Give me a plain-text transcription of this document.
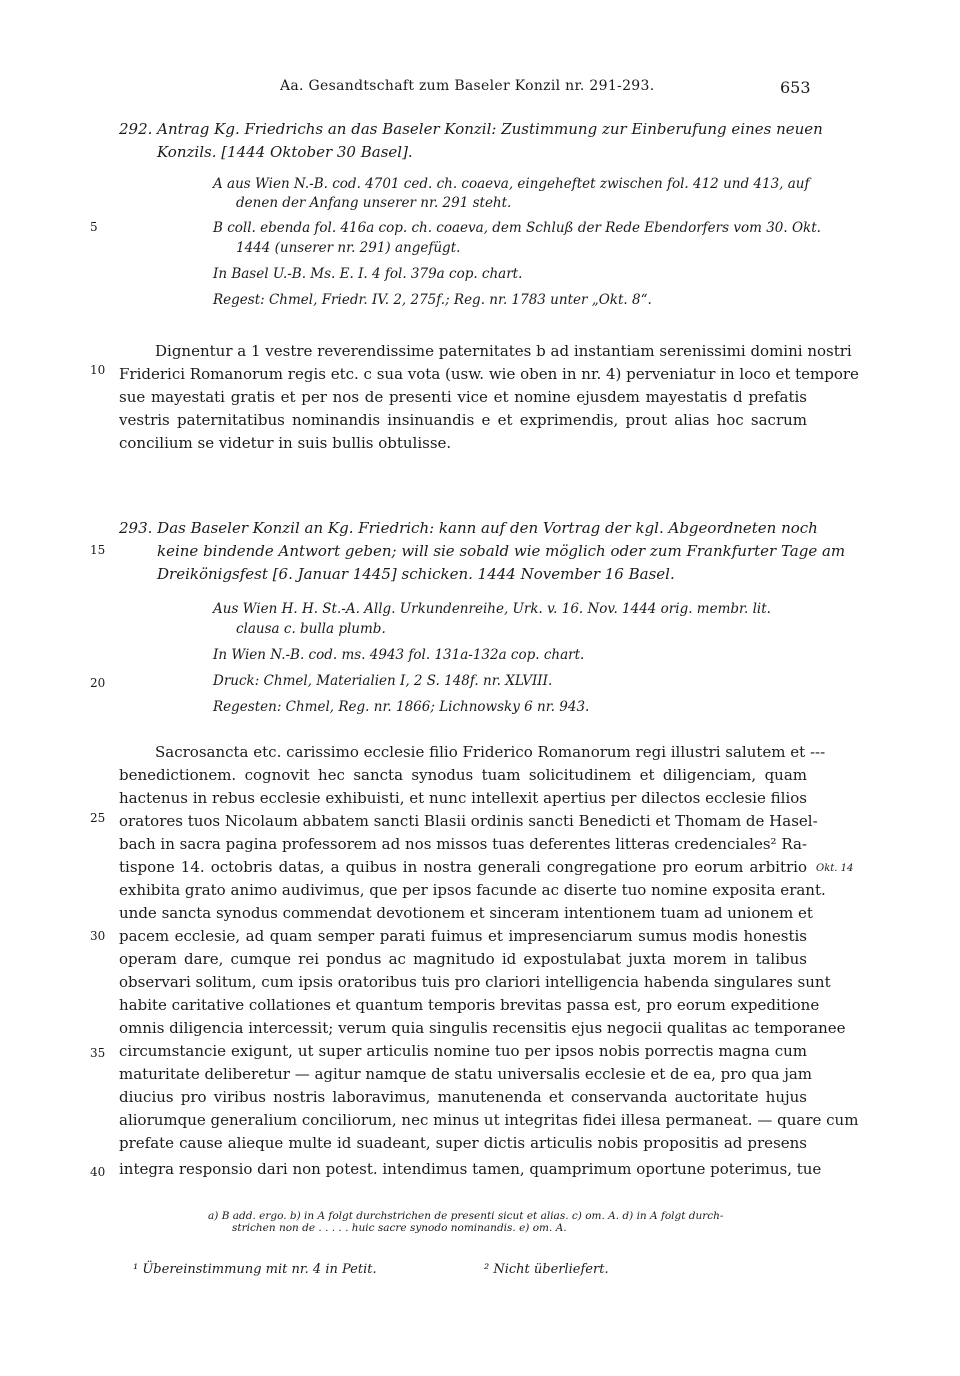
Aa. Gesandtschaft zum Baseler Konzil nr. 291-293.	653
5
10
15
20
25
30
35
40
292. Antrag Kg. Friedrichs an das Baseler Konzil: Zustimmung zur Einberufung eines neuen
Konzils. [1444 Oktober 30 Basel].
A aus Wien N.-B. cod. 4701 ced. ch. coaeva, eingeheftet zwischen fol. 412 und 413, auf
denen der Anfang unserer nr. 291 steht.
B coll. ebenda fol. 416a cop. ch. coaeva, dem Schluß der Rede Ebendorfers vom 30. Okt.
1444 (unserer nr. 291) angefügt.
In Basel U.-B. Ms. E. I. 4 fol. 379a cop. chart.
Regest: Chmel, Friedr. IV. 2, 275f.; Reg. nr. 1783 unter „Okt. 8“.
Dignentur a 1 vestre reverendissime paternitates b ad instantiam serenissimi domini nostri
Friderici Romanorum regis etc. c sua vota (usw. wie oben in nr. 4) perveniatur in loco et tempore
sue mayestati gratis et per nos de presenti vice et nomine ejusdem mayestatis d prefatis
vestris paternitatibus nominandis insinuandis e et exprimendis, prout alias hoc sacrum
concilium se videtur in suis bullis obtulisse.
293. Das Baseler Konzil an Kg. Friedrich: kann auf den Vortrag der kgl. Abgeordneten noch
keine bindende Antwort geben; will sie sobald wie möglich oder zum Frankfurter Tage am
Dreikönigsfest [6. Januar 1445] schicken. 1444 November 16 Basel.
Aus Wien H. H. St.-A. Allg. Urkundenreihe, Urk. v. 16. Nov. 1444 orig. membr. lit.
clausa c. bulla plumb.
In Wien N.-B. cod. ms. 4943 fol. 131a-132a cop. chart.
Druck: Chmel, Materialien I, 2 S. 148f. nr. XLVIII.
Regesten: Chmel, Reg. nr. 1866; Lichnowsky 6 nr. 943.
Sacrosancta etc. carissimo ecclesie filio Friderico Romanorum regi illustri salutem et ---
benedictionem. cognovit hec sancta synodus tuam solicitudinem et diligenciam, quam
hactenus in rebus ecclesie exhibuisti, et nunc intellexit apertius per dilectos ecclesie filios
oratores tuos Nicolaum abbatem sancti Blasii ordinis sancti Benedicti et Thomam de Hasel-
bach in sacra pagina professorem ad nos missos tuas deferentes litteras credenciales² Ra-
tispone 14. octobris datas, a quibus in nostra generali congregatione pro eorum arbitrio
exhibita grato animo audivimus, que per ipsos facunde ac diserte tuo nomine exposita erant.
unde sancta synodus commendat devotionem et sinceram intentionem tuam ad unionem et
pacem ecclesie, ad quam semper parati fuimus et impresenciarum sumus modis honestis
operam dare, cumque rei pondus ac magnitudo id expostulabat juxta morem in talibus
observari solitum, cum ipsis oratoribus tuis pro clariori intelligencia habenda singulares sunt
habite caritative collationes et quantum temporis brevitas passa est, pro eorum expeditione
omnis diligencia intercessit; verum quia singulis recensitis ejus negocii qualitas ac temporanee
circumstancie exigunt, ut super articulis nomine tuo per ipsos nobis porrectis magna cum
maturitate deliberetur — agitur namque de statu universalis ecclesie et de ea, pro qua jam
diucius pro viribus nostris laboravimus, manutenenda et conservanda auctoritate hujus
aliorumque generalium conciliorum, nec minus ut integritas fidei illesa permaneat. — quare cum
prefate cause alieque multe id suadeant, super dictis articulis nobis propositis ad presens
integra responsio dari non potest. intendimus tamen, quamprimum oportune poterimus, tue
Okt. 14
a) B add. ergo. b) in A folgt durchstrichen de presenti sicut et alias. c) om. A. d) in A folgt durch-
strichen non de . . . . . huic sacre synodo nominandis. e) om. A.
¹ Übereinstimmung mit nr. 4 in Petit.	² Nicht überliefert.
